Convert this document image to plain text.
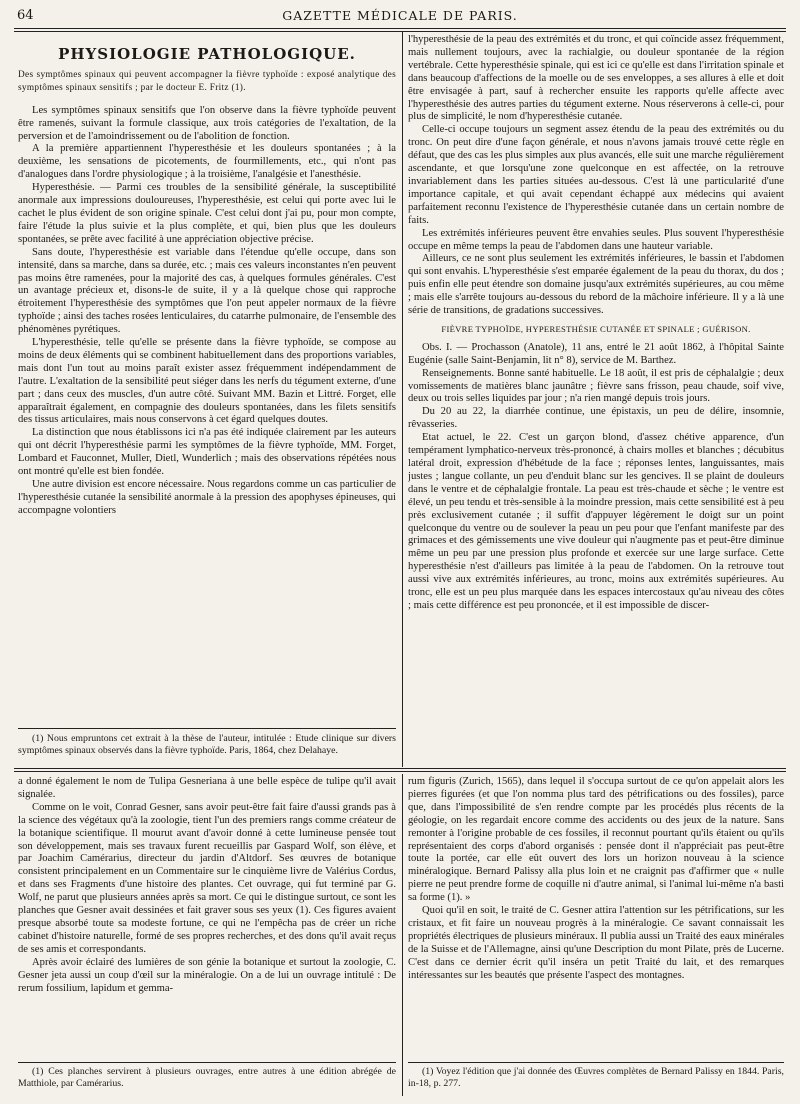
64	GAZETTE MÉDICALE DE PARIS.
PHYSIOLOGIE PATHOLOGIQUE.
Des symptômes spinaux qui peuvent accompagner la fièvre typhoïde : exposé analytique des symptômes spinaux sensitifs ; par le docteur E. Fritz (1).

Les symptômes spinaux sensitifs que l'on observe dans la fièvre typhoïde peuvent être ramenés, suivant la formule classique, aux trois catégories de l'exaltation, de la perversion et de l'amoindrissement ou de l'abolition de fonction.

A la première appartiennent l'hyperesthésie et les douleurs spontanées ; à la deuxième, les sensations de picotements, de fourmillements, etc., qui n'ont pas d'analogues dans l'ordre physiologique ; à la troisième, l'analgésie et l'anesthésie.

Hyperesthésie. — Parmi ces troubles de la sensibilité générale, la susceptibilité anormale aux impressions douloureuses, l'hyperesthésie, est celui qui porte avec lui le cachet le plus évident de son origine spinale. C'est celui dont j'ai pu, pour mon compte, faire l'étude la plus suivie et la plus complète, et qui, bien plus que les douleurs spontanées, se prête avec facilité à une appréciation objective précise.

Sans doute, l'hyperesthésie est variable dans l'étendue qu'elle occupe, dans son intensité, dans sa marche, dans sa durée, etc. ; mais ces valeurs inconstantes n'en peuvent pas moins être ramenées, pour la majorité des cas, à quelques formules générales. C'est un avantage précieux et, disons-le de suite, il y a là quelque chose qui rapproche étroitement l'hyperesthésie des symptômes que l'on peut appeler normaux de la fièvre typhoïde ; ainsi des taches rosées lenticulaires, du catarrhe pulmonaire, de l'ensemble des phénomènes pyrétiques.

L'hyperesthésie, telle qu'elle se présente dans la fièvre typhoïde, se compose au moins de deux éléments qui se combinent habituellement dans des proportions variables, mais dont l'un tout au moins paraît exister assez fréquemment indépendamment de l'autre. L'exaltation de la sensibilité peut siéger dans les nerfs du tégument externe, d'une part ; dans ceux des muscles, d'un autre côté. Suivant MM. Bazin et Littré. Forget, elle apparaîtrait également, en compagnie des douleurs spontanées, dans les filets sensitifs des tissus articulaires, mais nous conservons à cet égard quelques doutes.

La distinction que nous établissons ici n'a pas été indiquée clairement par les auteurs qui ont décrit l'hyperesthésie parmi les symptômes de la fièvre typhoïde, MM. Forget, Lombard et Fauconnet, Muller, Dietl, Wunderlich ; mais des observations répétées nous ont montré qu'elle est bien fondée.

Une autre division est encore nécessaire. Nous regardons comme un cas particulier de l'hyperesthésie cutanée la sensibilité anormale à la pression des apophyses épineuses, qui accompagne volontiers

(1) Nous empruntons cet extrait à la thèse de l'auteur, intitulée : Etude clinique sur divers symptômes spinaux observés dans la fièvre typhoïde. Paris, 1864, chez Delahaye.

l'hyperesthésie de la peau des extrémités et du tronc, et qui coïncide assez fréquemment, mais nullement toujours, avec la rachialgie, ou douleur spontanée de la région vertébrale. Cette hyperesthésie spinale, qui est ici ce qu'elle est dans l'irritation spinale et dans beaucoup d'affections de la moelle ou de ses enveloppes, a ses allures à elle et doit être envisagée à part, sauf à rechercher ensuite les rapports qu'elle affecte avec l'hyperesthésie des autres parties du tégument externe. Nous réserverons à celle-ci, pour plus de simplicité, le nom d'hyperesthésie cutanée.

Celle-ci occupe toujours un segment assez étendu de la peau des extrémités ou du tronc. On peut dire d'une façon générale, et nous n'avons jamais trouvé cette règle en défaut, que des cas les plus simples aux plus avancés, elle suit une marche régulièrement ascendante, et que lorsqu'une zone quelconque en est affectée, on la retrouve invariablement dans les parties situées au-dessous. C'est là une particularité d'une importance capitale, et qui avait cependant échappé aux médecins qui avaient parfaitement reconnu l'existence de l'hyperesthésie cutanée dans un certain nombre de faits.

Les extrémités inférieures peuvent être envahies seules. Plus souvent l'hyperesthésie occupe en même temps la peau de l'abdomen dans une hauteur variable.

Ailleurs, ce ne sont plus seulement les extrémités inférieures, le bassin et l'abdomen qui sont envahis. L'hyperesthésie s'est emparée également de la peau du thorax, du dos ; puis enfin elle peut étendre son domaine jusqu'aux extrémités supérieures, au cou même ; mais elle s'arrête toujours au-dessous du rebord de la mâchoire inférieure. Il y a là une série de transitions, de gradations successives.

FIÈVRE TYPHOÏDE, HYPERESTHÉSIE CUTANÉE ET SPINALE ; GUÉRISON.

Obs. I. — Prochasson (Anatole), 11 ans, entré le 21 août 1862, à l'hôpital Sainte Eugénie (salle Saint-Benjamin, lit n° 8), service de M. Barthez.

Renseignements. Bonne santé habituelle. Le 18 août, il est pris de céphalalgie ; deux vomissements de matières blanc jaunâtre ; fièvre sans frisson, peau chaude, soif vive, deux ou trois selles liquides par jour ; n'a rien mangé depuis trois jours.

Du 20 au 22, la diarrhée continue, une épistaxis, un peu de délire, insomnie, rêvasseries.

Etat actuel, le 22. C'est un garçon blond, d'assez chétive apparence, d'un tempérament lymphatico-nerveux très-prononcé, à chairs molles et blanches ; décubitus latéral droit, expression d'hébétude de la face ; réponses lentes, languissantes, mais justes ; langue collante, un peu d'enduit blanc sur les gencives. Il se plaint de douleurs dans le ventre et de céphalalgie frontale. La peau est très-chaude et sèche ; le ventre est élevé, un peu tendu et très-sensible à la moindre pression, mais cette sensibilité est à peu près exclusivement cutanée ; il suffit d'appuyer légèrement le doigt sur un point quelconque du ventre ou de soulever la peau un peu pour que l'enfant manifeste par des grimaces et des gémissements une vive douleur qui n'augmente pas et peut-être diminue même un peu par une pression plus profonde et exercée sur une large surface. Cette hyperesthésie n'est d'ailleurs pas limitée à la peau de l'abdomen. On la retrouve tout aussi vive aux extrémités inférieures, au tronc, moins aux extrémités supérieures. Au tronc, elle est un peu plus marquée dans les espaces intercostaux qu'au niveau des côtes ; mais cette différence est peu prononcée, et il est impossible de discer-

a donné également le nom de Tulipa Gesneriana à une belle espèce de tulipe qu'il avait signalée.

Comme on le voit, Conrad Gesner, sans avoir peut-être fait faire d'aussi grands pas à la science des végétaux qu'à la zoologie, tient l'un des premiers rangs comme créateur de la botanique scientifique. Il mourut avant d'avoir donné à cette lumineuse pensée tout son développement, mais ses travaux furent recueillis par Gaspard Wolf, son élève, et par Joachim Camérarius, directeur du jardin d'Altdorf. Ses œuvres de botanique consistent principalement en un Commentaire sur le cinquième livre de Valérius Cordus, et dans ses Fragments d'une histoire des plantes. Cet ouvrage, qui fut terminé par G. Wolf, ne parut que plusieurs années après sa mort. Ce qui le distingue surtout, ce sont les planches que Gesner avait dessinées et fait graver sous ses yeux (1). Ces figures avaient presque absorbé toute sa modeste fortune, ce qui ne l'empêcha pas de créer un riche cabinet d'histoire naturelle, formé de ses propres recherches, et des dons qu'il avait reçus de ses amis et correspondants.

Après avoir éclairé des lumières de son génie la botanique et surtout la zoologie, C. Gesner jeta aussi un coup d'œil sur la minéralogie. On a de lui un ouvrage intitulé : De rerum fossilium, lapidum et gemma-

(1) Ces planches servirent à plusieurs ouvrages, entre autres à une édition abrégée de Matthiole, par Camérarius.

rum figuris (Zurich, 1565), dans lequel il s'occupa surtout de ce qu'on appelait alors les pierres figurées (et que l'on nomma plus tard des pétrifications ou des fossiles), parce que, dans l'impossibilité de s'en rendre compte par les procédés plus récents de la géologie, on les regardait encore comme des accidents ou des jeux de la nature. Sans remonter à l'origine probable de ces fossiles, il reconnut pourtant qu'ils étaient ou qu'ils représentaient des corps d'abord organisés : pensée dont il n'appréciait pas peut-être toute la portée, car elle eût ouvert des lors un horizon nouveau à la science minéralogique. Bernard Palissy alla plus loin et ne craignit pas d'affirmer que « nulle pierre ne peut prendre forme de coquille ni d'autre animal, si l'animal lui-même n'a basti sa forme (1). »

Quoi qu'il en soit, le traité de C. Gesner attira l'attention sur les pétrifications, sur les cristaux, et fit faire un nouveau progrès à la minéralogie. Ce savant connaissait les propriétés électriques de plusieurs minéraux. Il publia aussi un Traité des eaux minérales de la Suisse et de l'Allemagne, ainsi qu'une Description du mont Pilate, près de Lucerne. C'est dans ce dernier écrit qu'il inséra un petit Traité du lait, et des remarques intéressantes sur les beautés que présente l'aspect des montagnes.

(1) Voyez l'édition que j'ai donnée des Œuvres complètes de Bernard Palissy en 1844. Paris, in-18, p. 277.
